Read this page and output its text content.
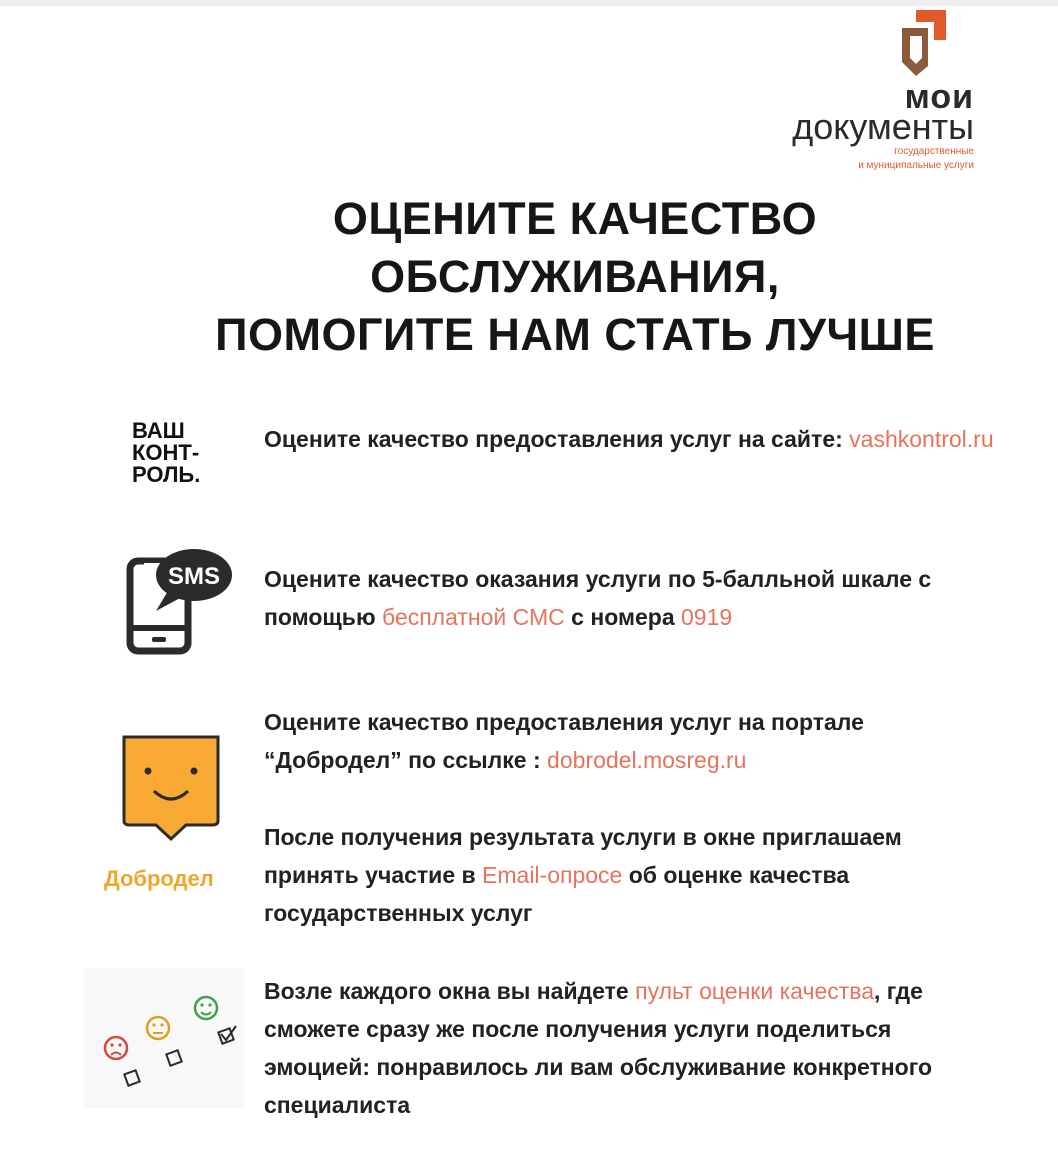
мои
документы
государственные
и муниципальные услуги
ОЦЕНИТЕ КАЧЕСТВО
ОБСЛУЖИВАНИЯ,
ПОМОГИТЕ НАМ СТАТЬ ЛУЧШЕ
ВАШ
КОНТ-
РОЛЬ.
Оцените качество предоставления услуг на сайте: vashkontrol.ru
SMS Оцените качество оказания услуги по 5-балльной шкале с помощью бесплатной СМС с номера 0919
Добродел
Оцените качество предоставления услуг на портале “Добродел” по ссылке : dobrodel.mosreg.ru
После получения результата услуги в окне приглашаем принять участие в Email-опросе об оценке качества государственных услуг
Возле каждого окна вы найдете пульт оценки качества, где сможете сразу же после получения услуги поделиться эмоцией: понравилось ли вам обслуживание конкретного специалиста
